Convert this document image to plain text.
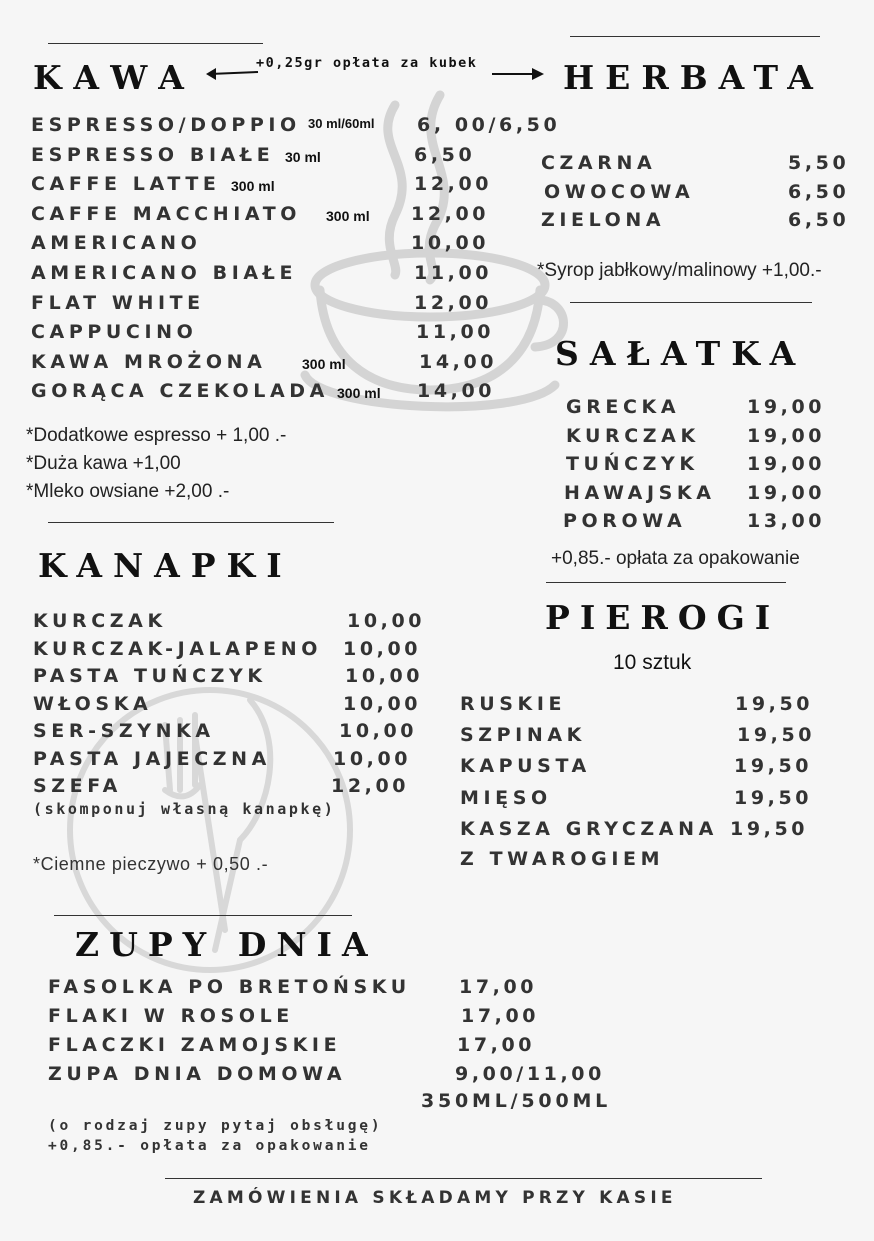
KAWA	+0,25gr opłata za kubek
ESPRESSO/DOPPIO 30 ml/60ml 6, 00/6,50
ESPRESSO BIAŁE 30 ml	6,50
CAFFE LATTE 300 ml	12,00
CAFFE MACCHIATO 300 ml 12,00
AMERICANO	10,00
AMERICANO BIAŁE	11,00
FLAT WHITE	12,00
CAPPUCINO	11,00
KAWA MROŻONA	300 ml	14,00
GORĄCA CZEKOLADA 300 ml 14,00
*Dodatkowe espresso + 1,00 .-
*Duża kawa +1,00
*Mleko owsiane +2,00 .-
HERBATA
CZARNA	5,50
OWOCOWA	6,50
ZIELONA	6,50
*Syrop jabłkowy/malinowy +1,00.-
SAŁATKA
GRECKA	19,00
KURCZAK 19,00
TUŃCZYK	19,00
HAWAJSKA 19,00
POROWA	13,00
+0,85.- opłata za opakowanie
KANAPKI
KURCZAK	10,00
KURCZAK-JALAPENO 10,00
PASTA TUŃCZYK	10,00
WŁOSKA	10,00
SER-SZYNKA	10,00
PASTA JAJECZNA	10,00
SZEFA	12,00
(skomponuj własną kanapkę)
*Ciemne pieczywo + 0,50 .-
PIEROGI
10 sztuk
RUSKIE	19,50
SZPINAK	19,50
KAPUSTA	19,50
MIĘSO	19,50
KASZA GRYCZANA 19,50
Z TWAROGIEM
ZUPY DNIA
FASOLKA PO BRETOŃSKU	17,00
FLAKI W ROSOLE	17,00
FLACZKI ZAMOJSKIE	17,00
ZUPA DNIA DOMOWA	9,00/11,00
350ML/500ML
(o rodzaj zupy pytaj obsługę)
+0,85.- opłata za opakowanie
ZAMÓWIENIA SKŁADAMY PRZY KASIE
